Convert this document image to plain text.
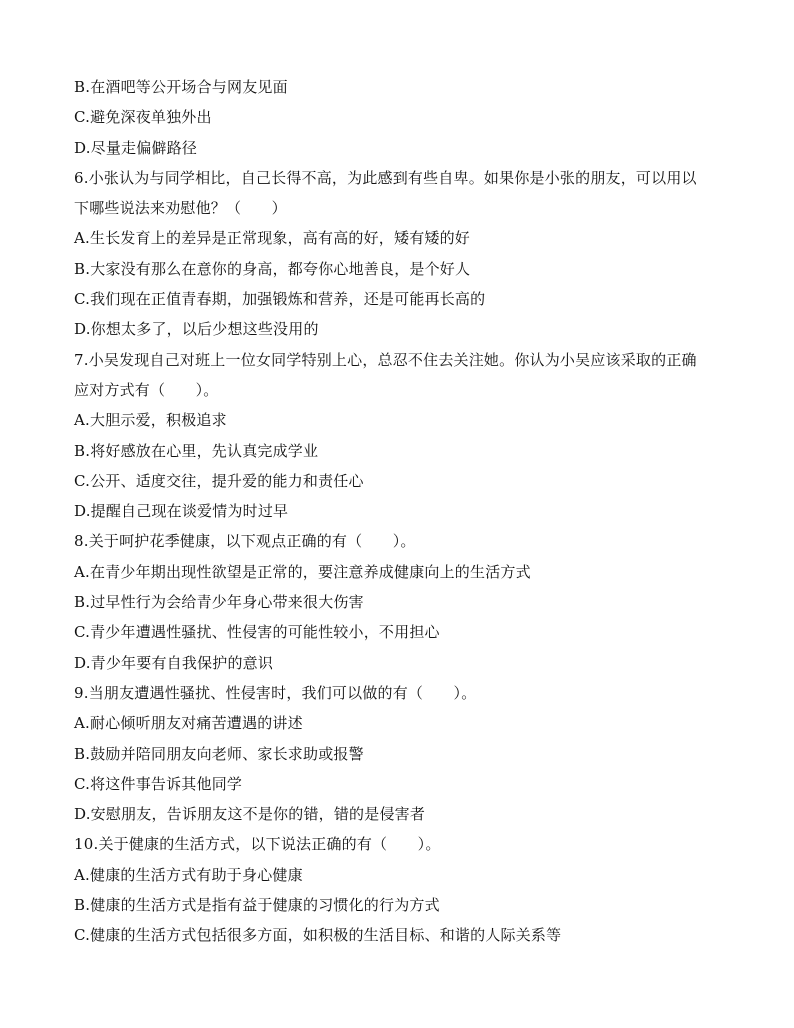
B.在酒吧等公开场合与网友见面
C.避免深夜单独外出
D.尽量走偏僻路径
6.小张认为与同学相比，自己长得不高，为此感到有些自卑。如果你是小张的朋友，可以用以
下哪些说法来劝慰他？（　　）
A.生长发育上的差异是正常现象，高有高的好，矮有矮的好
B.大家没有那么在意你的身高，都夸你心地善良，是个好人
C.我们现在正值青春期，加强锻炼和营养，还是可能再长高的
D.你想太多了，以后少想这些没用的
7.小吴发现自己对班上一位女同学特别上心，总忍不住去关注她。你认为小吴应该采取的正确
应对方式有（　　）。
A.大胆示爱，积极追求
B.将好感放在心里，先认真完成学业
C.公开、适度交往，提升爱的能力和责任心
D.提醒自己现在谈爱情为时过早
8.关于呵护花季健康，以下观点正确的有（　　）。
A.在青少年期出现性欲望是正常的，要注意养成健康向上的生活方式
B.过早性行为会给青少年身心带来很大伤害
C.青少年遭遇性骚扰、性侵害的可能性较小，不用担心
D.青少年要有自我保护的意识
9.当朋友遭遇性骚扰、性侵害时，我们可以做的有（　　）。
A.耐心倾听朋友对痛苦遭遇的讲述
B.鼓励并陪同朋友向老师、家长求助或报警
C.将这件事告诉其他同学
D.安慰朋友，告诉朋友这不是你的错，错的是侵害者
10.关于健康的生活方式，以下说法正确的有（　　）。
A.健康的生活方式有助于身心健康
B.健康的生活方式是指有益于健康的习惯化的行为方式
C.健康的生活方式包括很多方面，如积极的生活目标、和谐的人际关系等
